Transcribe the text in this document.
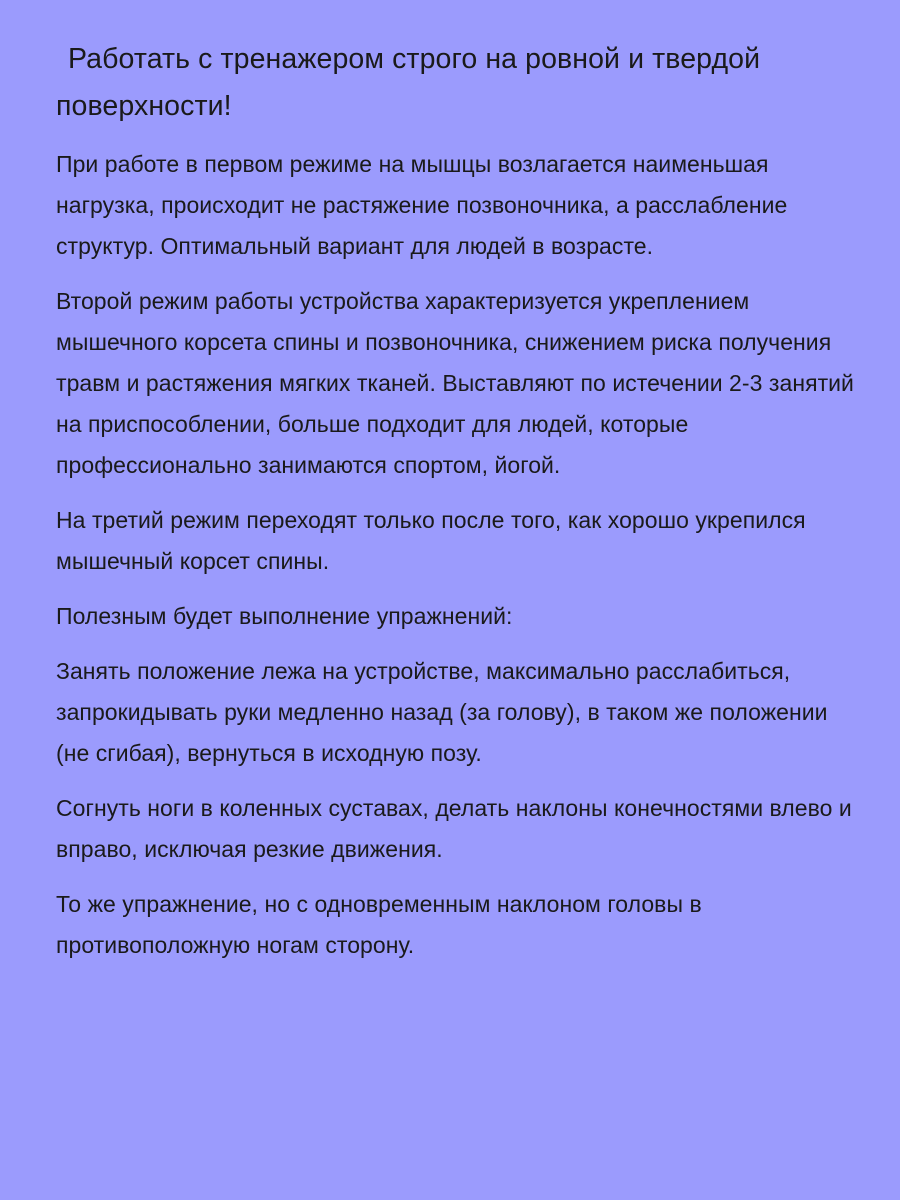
Работать с тренажером строго на ровной и твердой поверхности!

При работе в первом режиме на мышцы возлагается наименьшая нагрузка, происходит не растяжение позвоночника, а расслабление структур. Оптимальный вариант для людей в возрасте.

Второй режим работы устройства характеризуется укреплением мышечного корсета спины и позвоночника, снижением риска получения травм и растяжения мягких тканей. Выставляют по истечении 2-3 занятий на приспособлении, больше подходит для людей, которые профессионально занимаются спортом, йогой.

На третий режим переходят только после того, как хорошо укрепился мышечный корсет спины.

Полезным будет выполнение упражнений:

Занять положение лежа на устройстве, максимально расслабиться, запрокидывать руки медленно назад (за голову), в таком же положении (не сгибая), вернуться в исходную позу.

Согнуть ноги в коленных суставах, делать наклоны конечностями влево и вправо, исключая резкие движения.

То же упражнение, но с одновременным наклоном головы в противоположную ногам сторону.
